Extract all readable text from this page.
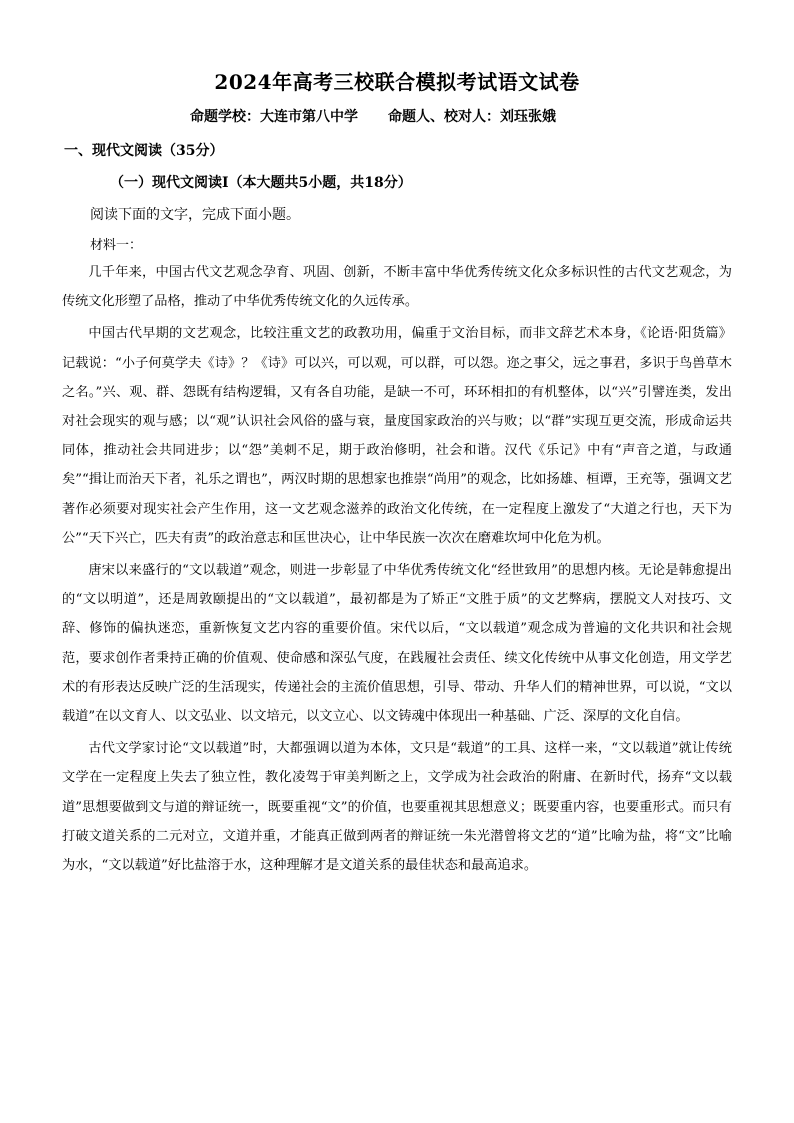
2024年高考三校联合模拟考试语文试卷
命题学校：大连市第八中学 命题人、校对人：刘珏张娥
一、现代文阅读（35分）
（一）现代文阅读Ⅰ（本大题共5小题，共18分）
阅读下面的文字，完成下面小题。
材料一：

几千年来，中国古代文艺观念孕育、巩固、创新，不断丰富中华优秀传统文化众多标识性的古代文艺观念，为传统文化形塑了品格，推动了中华优秀传统文化的久远传承。

中国古代早期的文艺观念，比较注重文艺的政教功用，偏重于文治目标，而非文辞艺术本身，《论语·阳货篇》记载说：“小子何莫学夫《诗》？《诗》可以兴，可以观，可以群，可以怨。迩之事父，远之事君，多识于鸟兽草木之名。”兴、观、群、怨既有结构逻辑，又有各自功能，是缺一不可，环环相扣的有机整体，以“兴”引譬连类，发出对社会现实的观与感；以“观”认识社会风俗的盛与衰，量度国家政治的兴与败；以“群”实现互更交流，形成命运共同体，推动社会共同进步；以“怨”美刺不足，期于政治修明，社会和谐。汉代《乐记》中有“声音之道，与政通矣”“揖让而治天下者，礼乐之谓也”，两汉时期的思想家也推崇“尚用”的观念，比如扬雄、桓谭，王充等，强调文艺著作必须要对现实社会产生作用，这一文艺观念滋养的政治文化传统，在一定程度上激发了“大道之行也，天下为公”“天下兴亡，匹夫有责”的政治意志和匡世决心，让中华民族一次次在磨难坎坷中化危为机。

唐宋以来盛行的“文以载道”观念，则进一步彰显了中华优秀传统文化“经世致用”的思想内核。无论是韩愈提出的“文以明道”，还是周敦颐提出的“文以载道”，最初都是为了矫正“文胜于质”的文艺弊病，摆脱文人对技巧、文辞、修饰的偏执迷恋，重新恢复文艺内容的重要价值。宋代以后，“文以载道”观念成为普遍的文化共识和社会规范，要求创作者秉持正确的价值观、使命感和深弘气度，在践履社会责任、续文化传统中从事文化创造，用文学艺术的有形表达反映广泛的生活现实，传递社会的主流价值思想，引导、带动、升华人们的精神世界，可以说，“文以载道”在以文育人、以文弘业、以文培元，以文立心、以文铸魂中体现出一种基础、广泛、深厚的文化自信。

古代文学家讨论“文以载道”时，大都强调以道为本体，文只是“载道”的工具、这样一来，“文以载道”就让传统文学在一定程度上失去了独立性，教化凌驾于审美判断之上，文学成为社会政治的附庸、在新时代，扬弃“文以载道”思想要做到文与道的辩证统一，既要重视“文”的价值，也要重视其思想意义；既要重内容，也要重形式。而只有打破文道关系的二元对立，文道并重，才能真正做到两者的辩证统一朱光潜曾将文艺的“道”比喻为盐，将“文”比喻为水，“文以载道”好比盐溶于水，这种理解才是文道关系的最佳状态和最高追求。
